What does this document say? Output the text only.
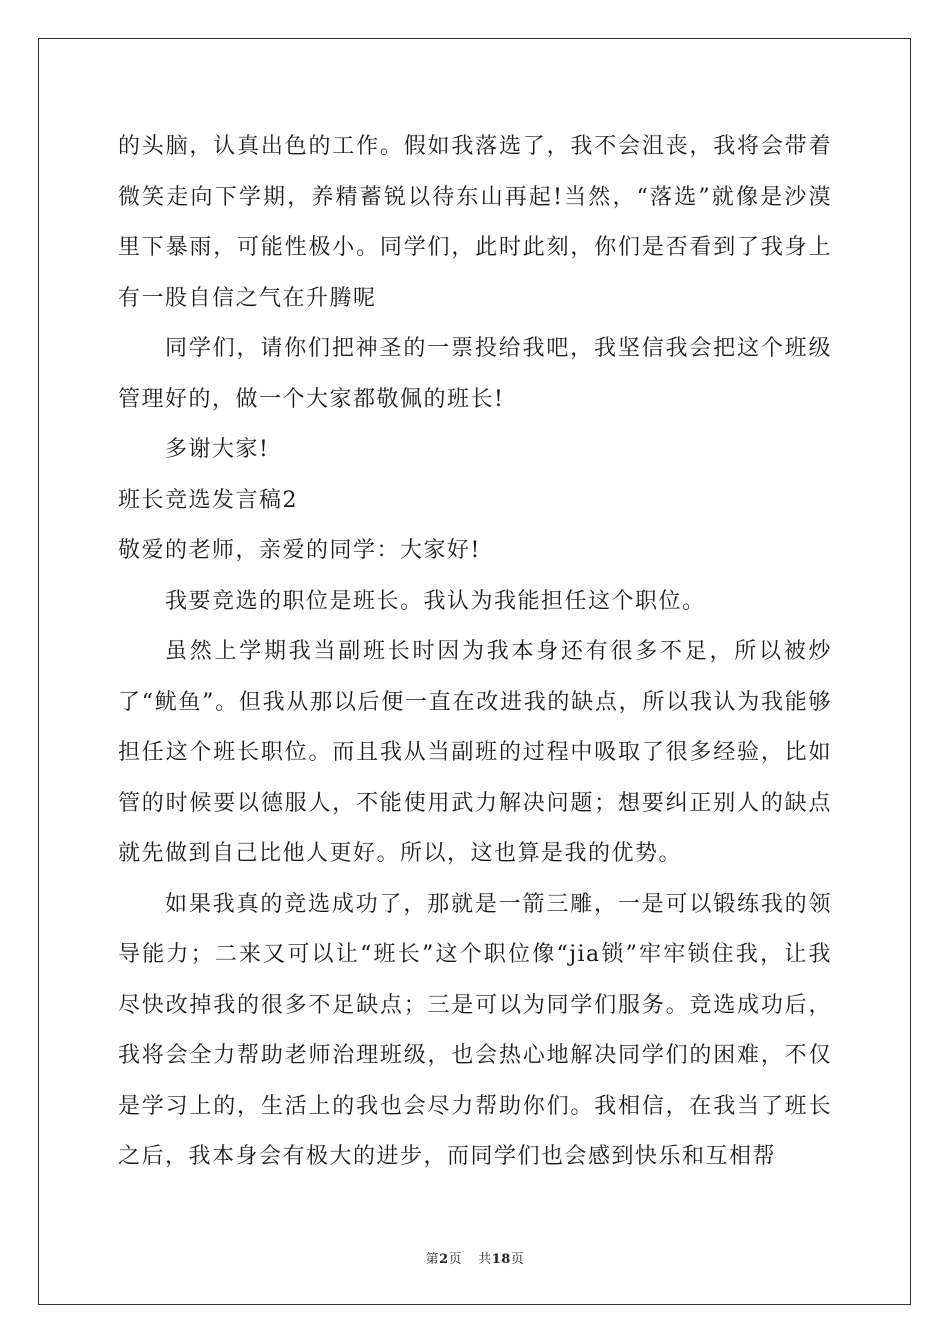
的头脑，认真出色的工作。假如我落选了，我不会沮丧，我将会带着微笑走向下学期，养精蓄锐以待东山再起!当然，“落选”就像是沙漠里下暴雨，可能性极小。同学们，此时此刻，你们是否看到了我身上有一股自信之气在升腾呢

同学们，请你们把神圣的一票投给我吧，我坚信我会把这个班级管理好的，做一个大家都敬佩的班长!

多谢大家!

班长竞选发言稿2

敬爱的老师，亲爱的同学：大家好!

我要竞选的职位是班长。我认为我能担任这个职位。

虽然上学期我当副班长时因为我本身还有很多不足，所以被炒了“鱿鱼”。但我从那以后便一直在改进我的缺点，所以我认为我能够担任这个班长职位。而且我从当副班的过程中吸取了很多经验，比如管的时候要以德服人，不能使用武力解决问题；想要纠正别人的缺点就先做到自己比他人更好。所以，这也算是我的优势。

如果我真的竞选成功了，那就是一箭三雕，一是可以锻练我的领导能力；二来又可以让“班长”这个职位像“jia锁”牢牢锁住我，让我尽快改掉我的很多不足缺点；三是可以为同学们服务。竞选成功后，我将会全力帮助老师治理班级，也会热心地解决同学们的困难，不仅是学习上的，生活上的我也会尽力帮助你们。我相信，在我当了班长之后，我本身会有极大的进步，而同学们也会感到快乐和互相帮

第2页 共18页
